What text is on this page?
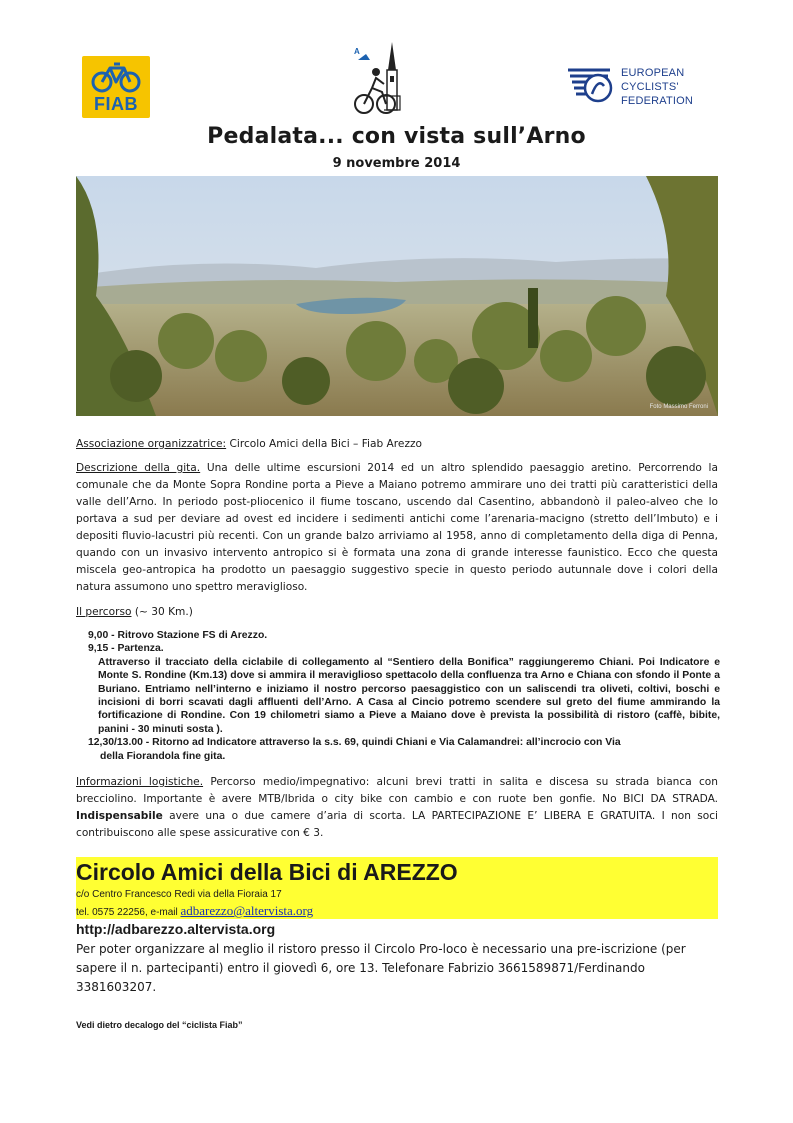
FIAB
A
EUROPEAN
CYCLISTS'
FEDERATION
Pedalata... con vista sull’Arno
9 novembre 2014
Foto Massimo Ferroni
Associazione organizzatrice: Circolo Amici della Bici – Fiab Arezzo
Descrizione della gita. Una delle ultime escursioni 2014 ed un altro splendido paesaggio aretino. Percorrendo la comunale che da Monte Sopra Rondine porta a Pieve a Maiano potremo ammirare uno dei tratti più caratteristici della valle dell’Arno. In periodo post-pliocenico il fiume toscano, uscendo dal Casentino, abbandonò il paleo-alveo che lo portava a sud per deviare ad ovest ed incidere i sedimenti antichi come l’arenaria-macigno (stretto dell’Imbuto) e i depositi fluvio-lacustri più recenti. Con un grande balzo arriviamo al 1958, anno di completamento della diga di Penna, quando con un invasivo intervento antropico si è formata una zona di grande interesse faunistico. Ecco che questa miscela geo-antropica ha prodotto un paesaggio suggestivo specie in questo periodo autunnale dove i colori della natura assumono uno spettro meraviglioso.
Il percorso (~ 30 Km.)
9,00 - Ritrovo Stazione FS di Arezzo.
9,15 - Partenza.
Attraverso il tracciato della ciclabile di collegamento al “Sentiero della Bonifica” raggiungeremo Chiani. Poi Indicatore e Monte S. Rondine (Km.13) dove si ammira il meraviglioso spettacolo della confluenza tra Arno e Chiana con sfondo il Ponte a Buriano. Entriamo nell’interno e iniziamo il nostro percorso paesaggistico con un saliscendi tra oliveti, coltivi, boschi e incisioni di borri scavati dagli affluenti dell’Arno. A Casa al Cincio potremo scendere sul greto del fiume ammirando la fortificazione di Rondine. Con 19 chilometri siamo a Pieve a Maiano dove è prevista la possibilità di ristoro (caffè, bibite, panini - 30 minuti sosta ).
12,30/13.00 - Ritorno ad Indicatore attraverso la s.s. 69, quindi Chiani e Via Calamandrei: all’incrocio con Via
della Fiorandola fine gita.
Informazioni logistiche. Percorso medio/impegnativo: alcuni brevi tratti in salita e discesa su strada bianca con brecciolino. Importante è avere MTB/Ibrida o city bike con cambio e con ruote ben gonfie. No BICI DA STRADA. Indispensabile avere una o due camere d’aria di scorta. LA PARTECIPAZIONE E’ LIBERA E GRATUITA. I non soci contribuiscono alle spese assicurative con € 3.
Circolo Amici della Bici di AREZZO
c/o Centro Francesco Redi via della Fioraia 17
tel. 0575 22256, e-mail adbarezzo@altervista.org
http://adbarezzo.altervista.org
Per poter organizzare al meglio il ristoro presso il Circolo Pro-loco è necessario una pre-iscrizione (per sapere il n. partecipanti) entro il giovedì 6, ore 13. Telefonare Fabrizio 3661589871/Ferdinando 3381603207.
Vedi dietro decalogo del “ciclista Fiab”
